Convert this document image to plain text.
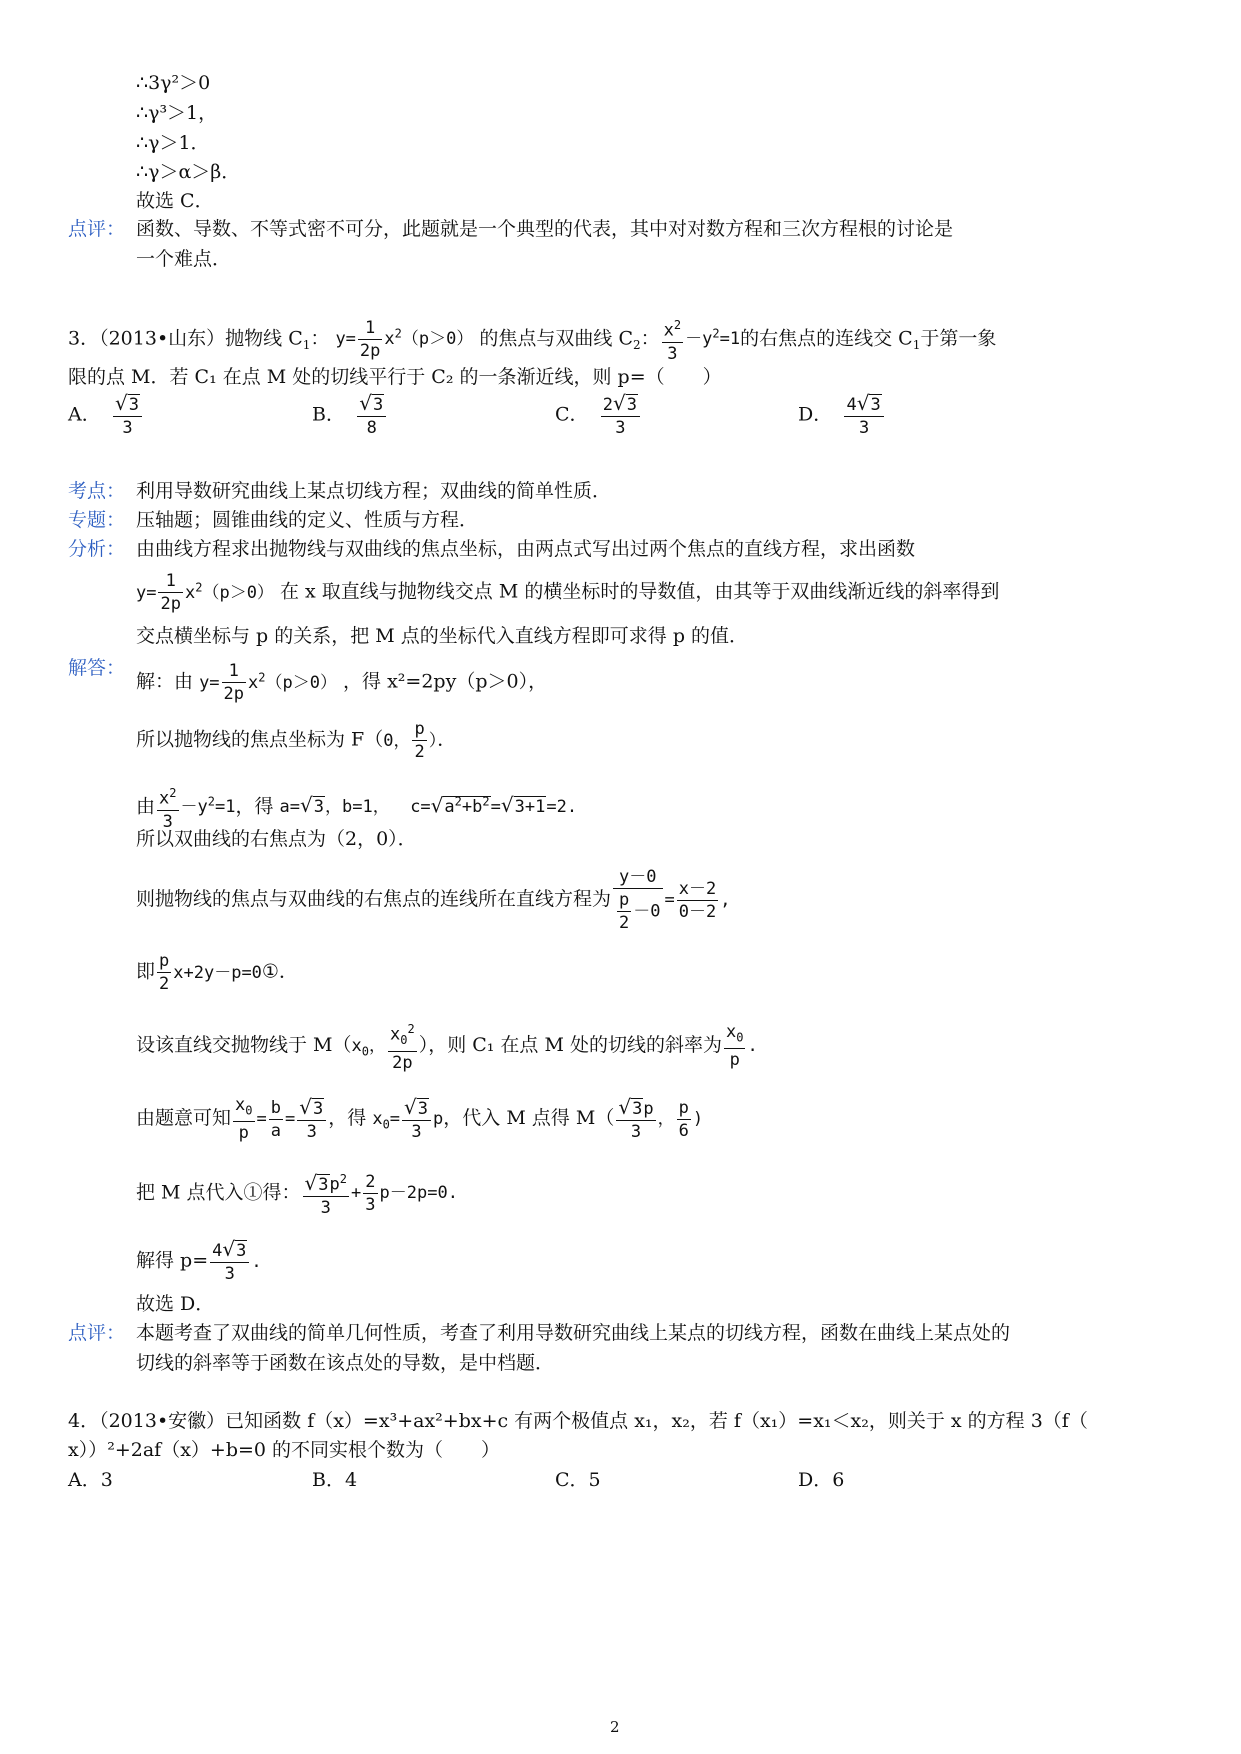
∴3γ²＞0
∴γ³＞1，
∴γ＞1．
∴γ＞α＞β．
故选 C．
点评： 函数、导数、不等式密不可分，此题就是一个典型的代表，其中对对数方程和三次方程根的讨论是
一个难点．
3．（2013•山东）抛物线 $C_1$： $y= \frac{1}{2p} x^2(p>0)$ 的焦点与双曲线 $C_2$： $\frac{x^2}{3} -y^2=1$的右焦点的连线交 $C_1$于第一象
限的点 M．若 C₁ 在点 M 处的切线平行于 C₂ 的一条渐近线，则 p=（　　）
A． $\frac{√3}{3}$	B． $\frac{√3}{8}$	C． $\frac{2√3}{3}$	D． $\frac{4√3}{3}$
考点： 利用导数研究曲线上某点切线方程；双曲线的简单性质．
专题： 压轴题；圆锥曲线的定义、性质与方程．
分析： 由曲线方程求出抛物线与双曲线的焦点坐标，由两点式写出过两个焦点的直线方程，求出函数
$y= \frac{1}{2p} x^2(p>0)$ 在 x 取直线与抛物线交点 M 的横坐标时的导数值，由其等于双曲线渐近线的斜率得到
交点横坐标与 p 的关系，把 M 点的坐标代入直线方程即可求得 p 的值．
解答：
解：由 $y= \frac{1}{2p} x^2(p>0)$ ，得 x²=2py（p＞0），
所以抛物线的焦点坐标为 F（0， $\frac{p}{2}$ ）．
由 $\frac{x^2}{3} -y^2=1$，得 a=√3，b=1，  $c=√a^2+b^2=√3+1=2$.
所以双曲线的右焦点为（2，0）．
则抛物线的焦点与双曲线的右焦点的连线所在直线方程为 $\frac{y-0}{\frac{p}{2} -0} = \frac{x-2}{0-2}$ ,
即 $\frac{p}{2}$ x+2y－p=0①．
设该直线交抛物线于 $M(x_0$， $\frac{x_0^2}{2p}$ ），则 C₁ 在点 M 处的切线的斜率为 $\frac{x_0}{p}$ .
由题意可知 $\frac{x_0}{p} = \frac{b}{a} = \frac{√3}{3}$ ，得 $x_0= \frac{√3}{3}$ p，代入 M 点得 $M( \frac{√3p}{3}$ ， $\frac{p}{6}$ )
把 M 点代入①得： $\frac{√3p^2}{3} + \frac{2}{3} p-2p=0$.
解得 $p= \frac{4√3}{3}$ .
故选 D．
点评： 本题考查了双曲线的简单几何性质，考查了利用导数研究曲线上某点的切线方程，函数在曲线上某点处的
切线的斜率等于函数在该点处的导数，是中档题．
4．（2013•安徽）已知函数 f（x）=x³+ax²+bx+c 有两个极值点 x₁，x₂，若 f（x₁）=x₁＜x₂，则关于 x 的方程 3（f（
x））²+2af（x）+b=0 的不同实根个数为（　　）
A．3	B．4	C．5	D．6
2
